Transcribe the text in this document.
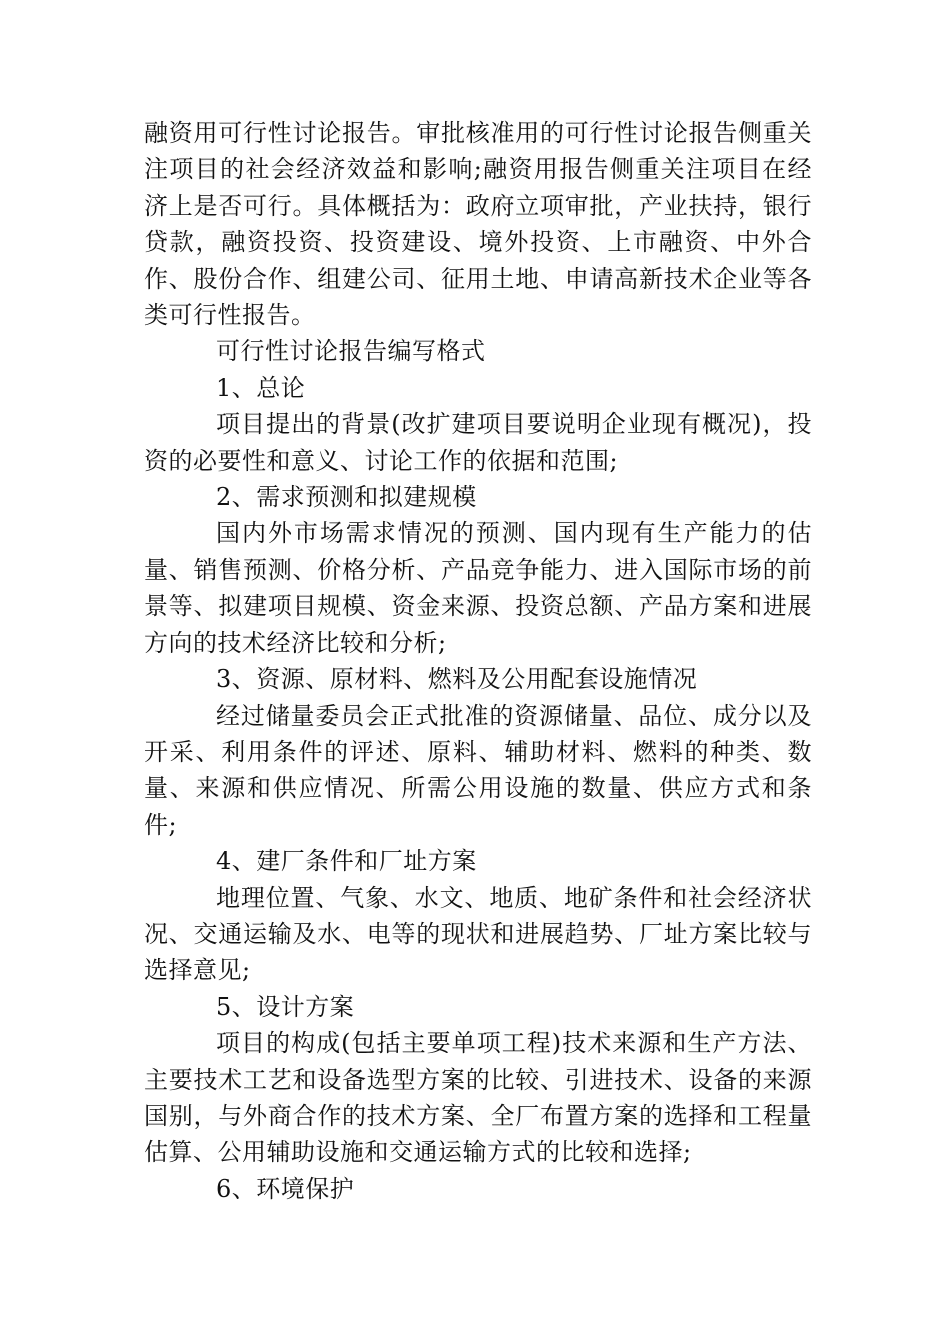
融资用可行性讨论报告。审批核准用的可行性讨论报告侧重关注项目的社会经济效益和影响;融资用报告侧重关注项目在经济上是否可行。具体概括为：政府立项审批，产业扶持，银行贷款，融资投资、投资建设、境外投资、上市融资、中外合作、股份合作、组建公司、征用土地、申请高新技术企业等各类可行性报告。

可行性讨论报告编写格式

1、总论

项目提出的背景(改扩建项目要说明企业现有概况)，投资的必要性和意义、讨论工作的依据和范围;

2、需求预测和拟建规模

国内外市场需求情况的预测、国内现有生产能力的估量、销售预测、价格分析、产品竞争能力、进入国际市场的前景等、拟建项目规模、资金来源、投资总额、产品方案和进展方向的技术经济比较和分析;

3、资源、原材料、燃料及公用配套设施情况

经过储量委员会正式批准的资源储量、品位、成分以及开采、利用条件的评述、原料、辅助材料、燃料的种类、数量、来源和供应情况、所需公用设施的数量、供应方式和条件;

4、建厂条件和厂址方案

地理位置、气象、水文、地质、地矿条件和社会经济状况、交通运输及水、电等的现状和进展趋势、厂址方案比较与选择意见;

5、设计方案

项目的构成(包括主要单项工程)技术来源和生产方法、主要技术工艺和设备选型方案的比较、引进技术、设备的来源国别，与外商合作的技术方案、全厂布置方案的选择和工程量估算、公用辅助设施和交通运输方式的比较和选择;

6、环境保护
